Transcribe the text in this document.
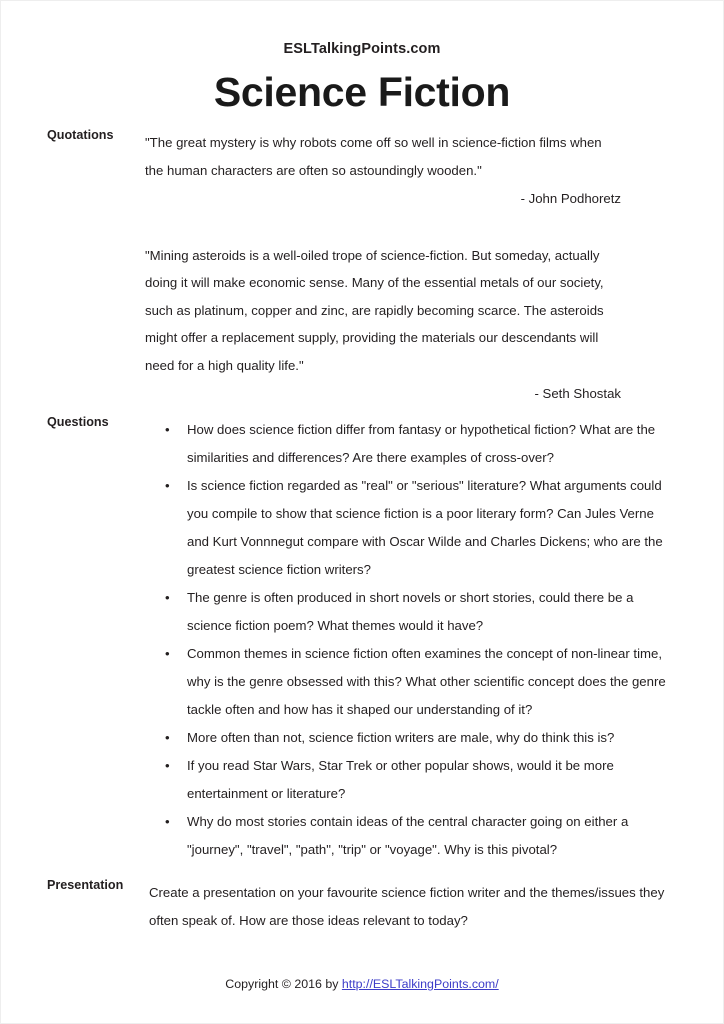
ESLTalkingPoints.com
Science Fiction
Quotations	"The great mystery is why robots come off so well in science-fiction films when the human characters are often so astoundingly wooden."

- John Podhoretz

"Mining asteroids is a well-oiled trope of science-fiction. But someday, actually doing it will make economic sense. Many of the essential metals of our society, such as platinum, copper and zinc, are rapidly becoming scarce. The asteroids might offer a replacement supply, providing the materials our descendants will need for a high quality life."

- Seth Shostak

Questions	• How does science fiction differ from fantasy or hypothetical fiction? What are the similarities and differences? Are there examples of cross-over?
• Is science fiction regarded as "real" or "serious" literature? What arguments could you compile to show that science fiction is a poor literary form? Can Jules Verne and Kurt Vonnnegut compare with Oscar Wilde and Charles Dickens; who are the greatest science fiction writers?
• The genre is often produced in short novels or short stories, could there be a science fiction poem? What themes would it have?
• Common themes in science fiction often examines the concept of non-linear time, why is the genre obsessed with this? What other scientific concept does the genre tackle often and how has it shaped our understanding of it?
• More often than not, science fiction writers are male, why do think this is?
• If you read Star Wars, Star Trek or other popular shows, would it be more entertainment or literature?
• Why do most stories contain ideas of the central character going on either a "journey", "travel", "path", "trip" or "voyage". Why is this pivotal?
Presentation	Create a presentation on your favourite science fiction writer and the themes/issues they often speak of. How are those ideas relevant to today?

Copyright © 2016 by http://ESLTalkingPoints.com/
